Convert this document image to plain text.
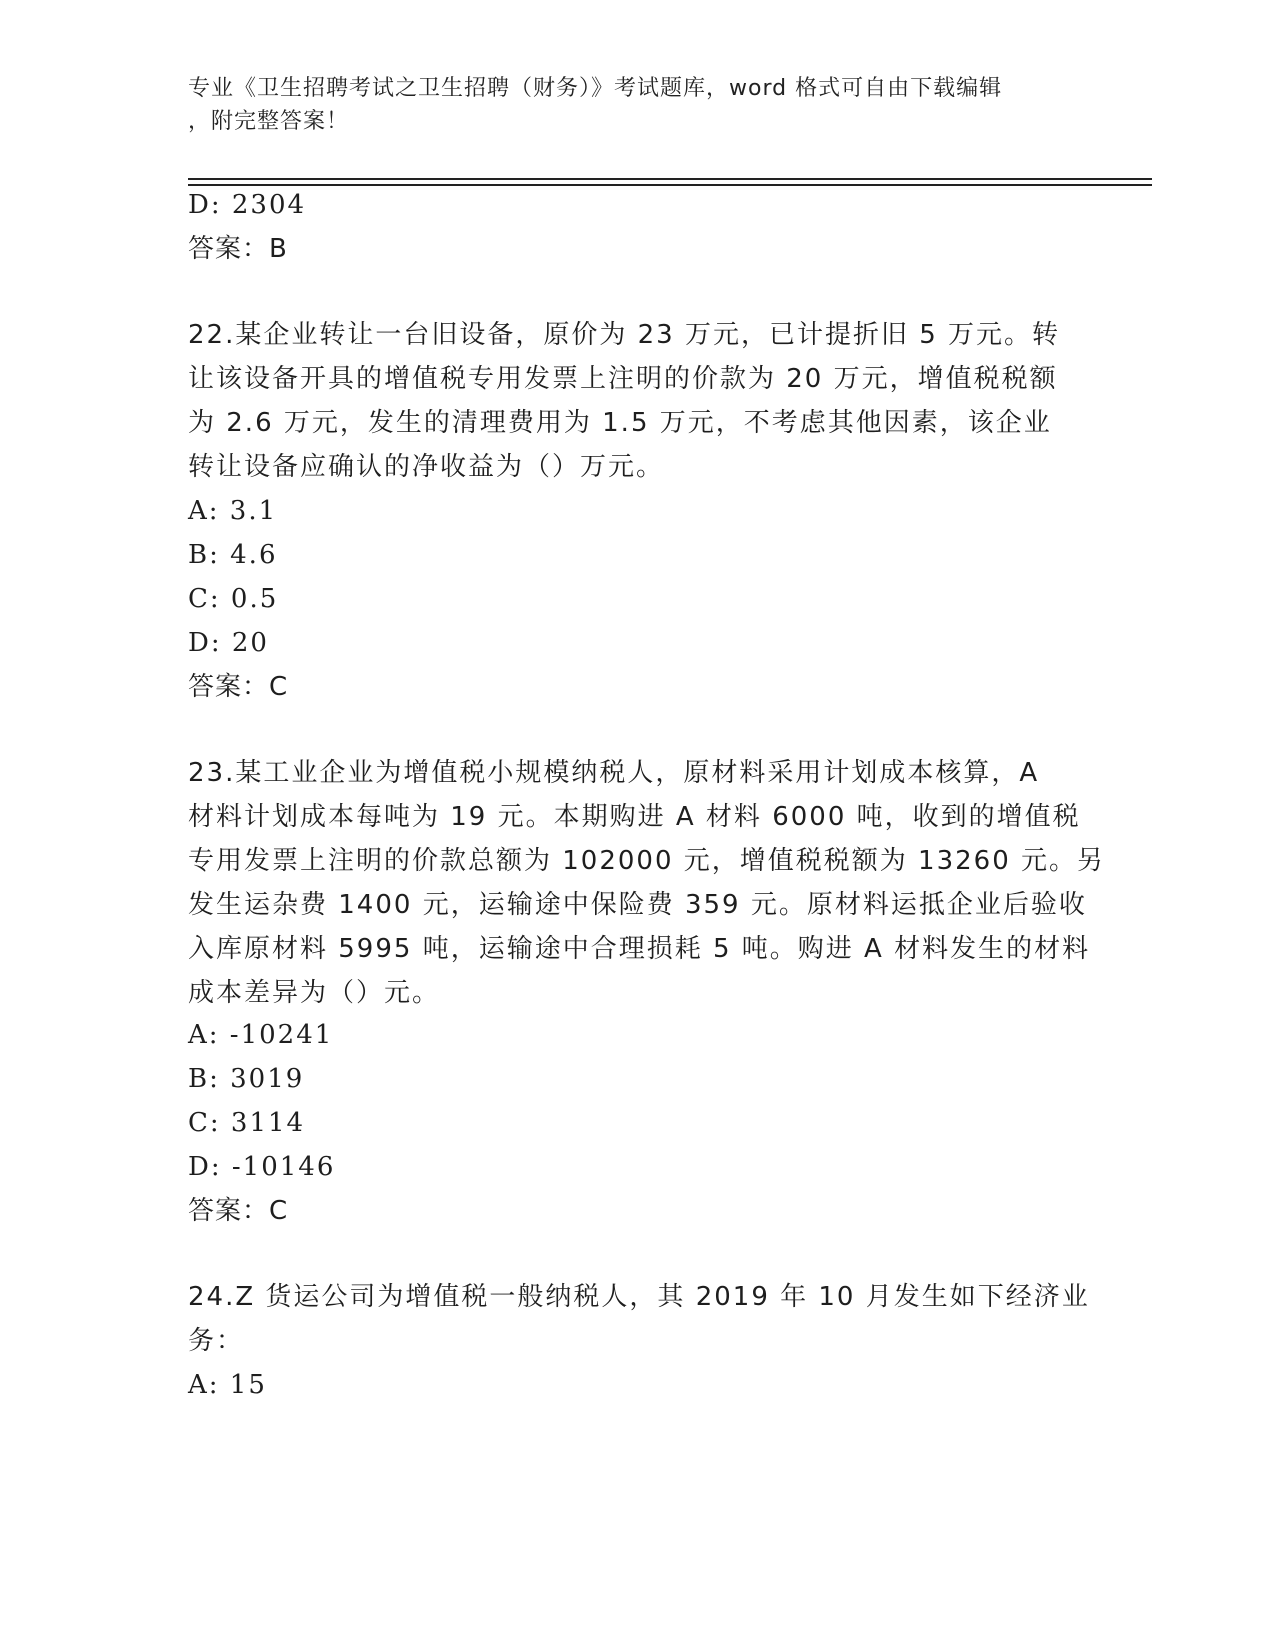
专业《卫生招聘考试之卫生招聘（财务）》考试题库，word 格式可自由下载编辑
，附完整答案！
D: 2304
答案：B
22.某企业转让一台旧设备，原价为 23 万元，已计提折旧 5 万元。转
让该设备开具的增值税专用发票上注明的价款为 20 万元，增值税税额
为 2.6 万元，发生的清理费用为 1.5 万元，不考虑其他因素，该企业
转让设备应确认的净收益为（）万元。
A: 3.1
B: 4.6
C: 0.5
D: 20
答案：C
23.某工业企业为增值税小规模纳税人，原材料采用计划成本核算，A
材料计划成本每吨为 19 元。本期购进 A 材料 6000 吨，收到的增值税
专用发票上注明的价款总额为 102000 元，增值税税额为 13260 元。另
发生运杂费 1400 元，运输途中保险费 359 元。原材料运抵企业后验收
入库原材料 5995 吨，运输途中合理损耗 5 吨。购进 A 材料发生的材料
成本差异为（）元。
A: -10241
B: 3019
C: 3114
D: -10146
答案：C
24.Z 货运公司为增值税一般纳税人，其 2019 年 10 月发生如下经济业
务：
A: 15
